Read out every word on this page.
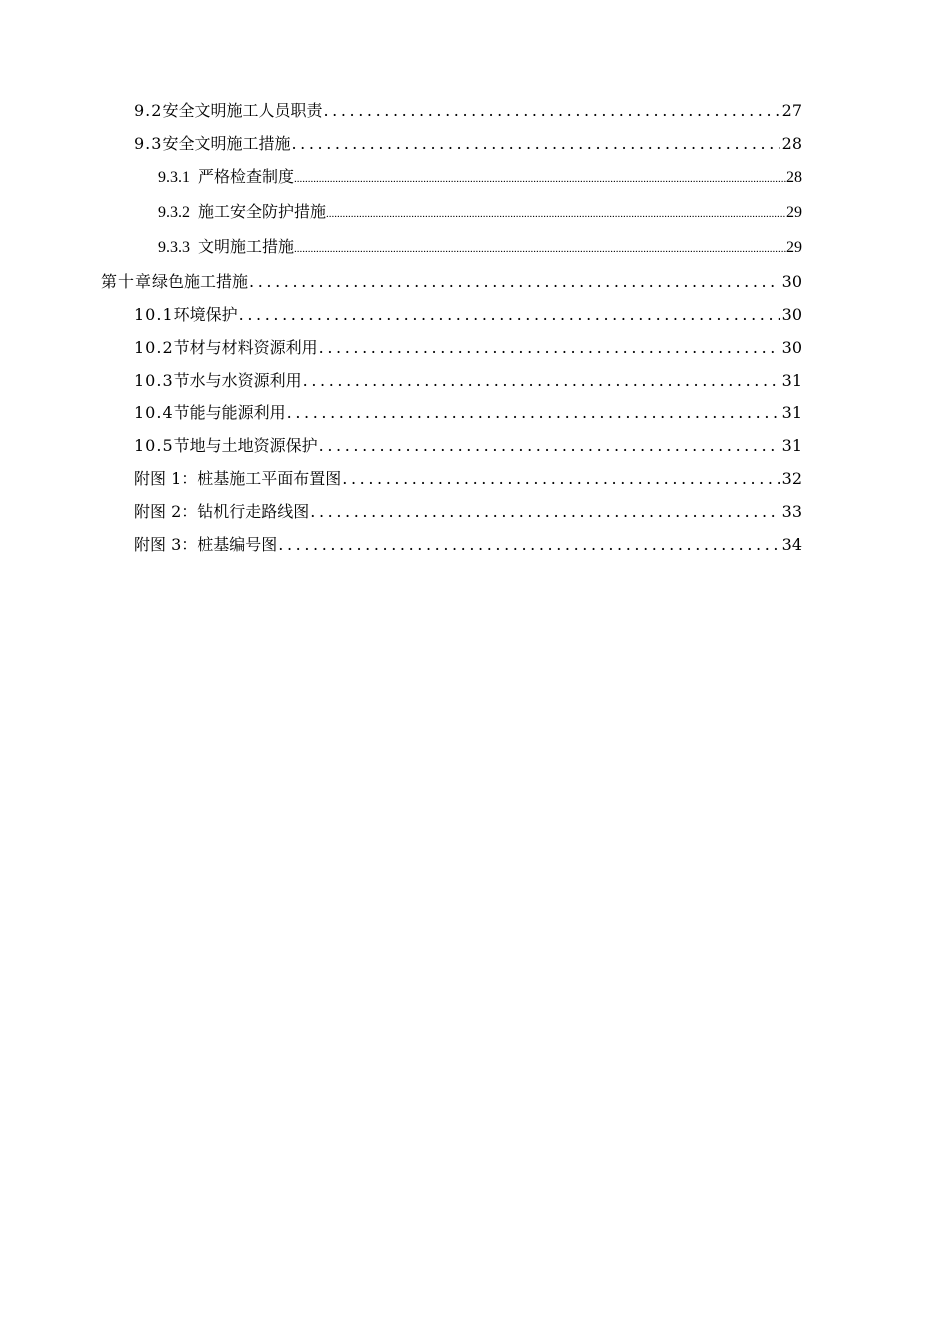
9.2 安全文明施工人员职责 .....	27
9.3 安全文明施工措施 .....	28
9.3.1 严格检查制度 .....	28
9.3.2 施工安全防护措施 .....	29
9.3.3 文明施工措施 .....	29
第十章 绿色施工措施 .....	30
10.1 环境保护 .....	30
10.2 节材与材料资源利用 .....	30
10.3 节水与水资源利用 .....	31
10.4 节能与能源利用 .....	31
10.5 节地与土地资源保护 .....	31
附图 1：桩基施工平面布置图 .....	32
附图 2：钻机行走路线图 .....	33
附图 3：桩基编号图 .....	34
